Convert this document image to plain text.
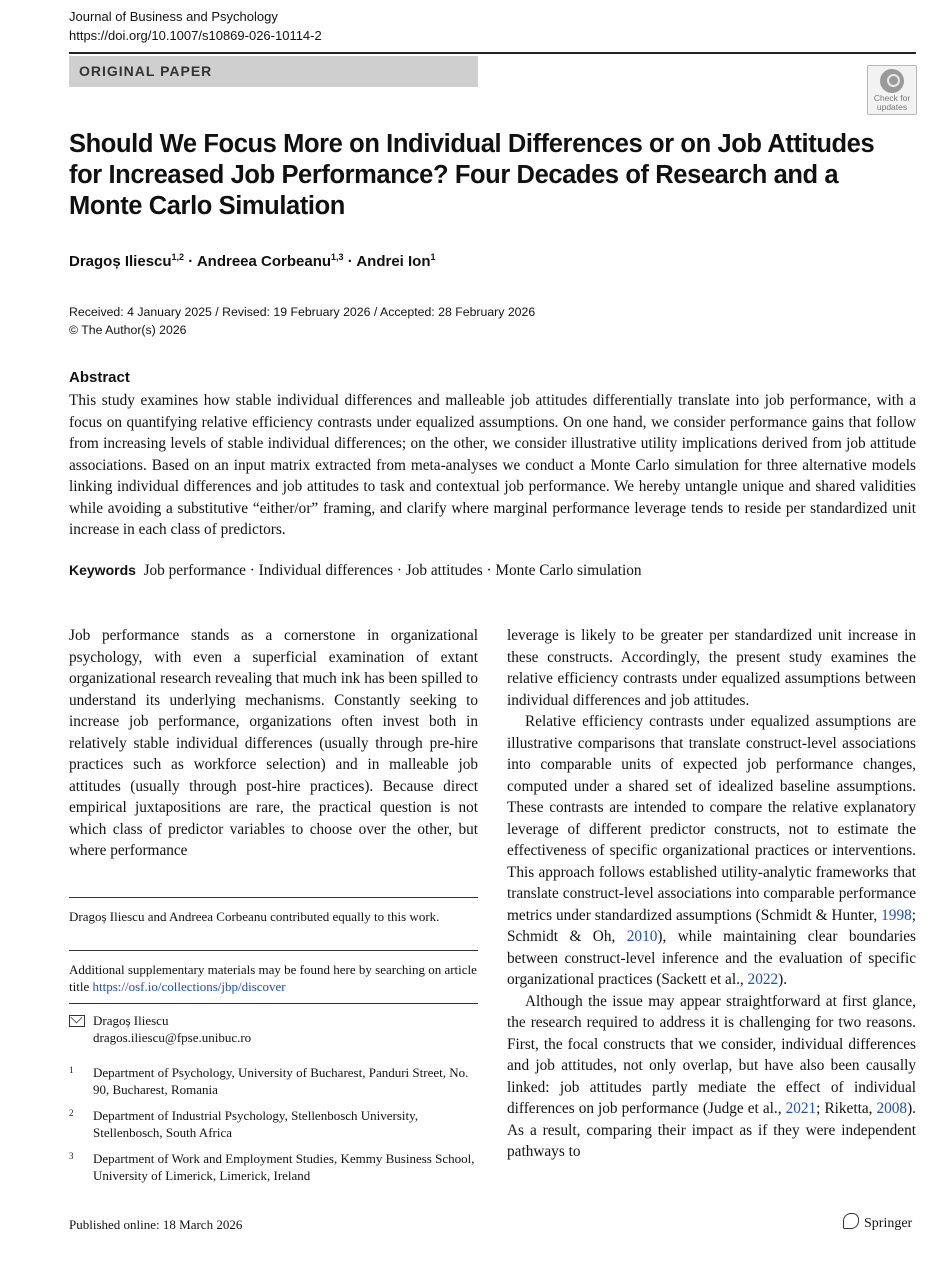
Journal of Business and Psychology
https://doi.org/10.1007/s10869-026-10114-2
ORIGINAL PAPER
Check for updates
Should We Focus More on Individual Differences or on Job Attitudes for Increased Job Performance? Four Decades of Research and a Monte Carlo Simulation
Dragoș Iliescu$^{1,2}$ · Andreea Corbeanu$^{1,3}$ · Andrei Ion$^1$
Received: 4 January 2025 / Revised: 19 February 2026 / Accepted: 28 February 2026
© The Author(s) 2026
Abstract
This study examines how stable individual differences and malleable job attitudes differentially translate into job performance, with a focus on quantifying relative efficiency contrasts under equalized assumptions. On one hand, we consider performance gains that follow from increasing levels of stable individual differences; on the other, we consider illustrative utility implications derived from job attitude associations. Based on an input matrix extracted from meta-analyses we conduct a Monte Carlo simulation for three alternative models linking individual differences and job attitudes to task and contextual job performance. We hereby untangle unique and shared validities while avoiding a substitutive “either/or” framing, and clarify where marginal performance leverage tends to reside per standardized unit increase in each class of predictors.
Keywords Job performance · Individual differences · Job attitudes · Monte Carlo simulation

Job performance stands as a cornerstone in organizational psychology, with even a superficial examination of extant organizational research revealing that much ink has been spilled to understand its underlying mechanisms. Constantly seeking to increase job performance, organizations often invest both in relatively stable individual differences (usually through pre-hire practices such as workforce selection) and in malleable job attitudes (usually through post-hire practices). Because direct empirical juxtapositions are rare, the practical question is not which class of predictor variables to choose over the other, but where performance

leverage is likely to be greater per standardized unit increase in these constructs. Accordingly, the present study examines the relative efficiency contrasts under equalized assumptions between individual differences and job attitudes.

Relative efficiency contrasts under equalized assumptions are illustrative comparisons that translate construct-level associations into comparable units of expected job performance changes, computed under a shared set of idealized baseline assumptions. These contrasts are intended to compare the relative explanatory leverage of different predictor constructs, not to estimate the effectiveness of specific organizational practices or interventions. This approach follows established utility-analytic frameworks that translate construct-level associations into comparable performance metrics under standardized assumptions (Schmidt & Hunter, 1998; Schmidt & Oh, 2010), while maintaining clear boundaries between construct-level inference and the evaluation of specific organizational practices (Sackett et al., 2022).

Although the issue may appear straightforward at first glance, the research required to address it is challenging for two reasons. First, the focal constructs that we consider, individual differences and job attitudes, not only overlap, but have also been causally linked: job attitudes partly mediate the effect of individual differences on job performance (Judge et al., 2021; Riketta, 2008). As a result, comparing their impact as if they were independent pathways to

Dragoș Iliescu and Andreea Corbeanu contributed equally to this work.
Additional supplementary materials may be found here by searching on article title https://osf.io/collections/jbp/discover
Dragoș Iliescu
dragos.iliescu@fpse.unibuc.ro
1 Department of Psychology, University of Bucharest, Panduri Street, No. 90, Bucharest, Romania
2 Department of Industrial Psychology, Stellenbosch University, Stellenbosch, South Africa
3 Department of Work and Employment Studies, Kemmy Business School, University of Limerick, Limerick, Ireland
Published online: 18 March 2026	Springer
